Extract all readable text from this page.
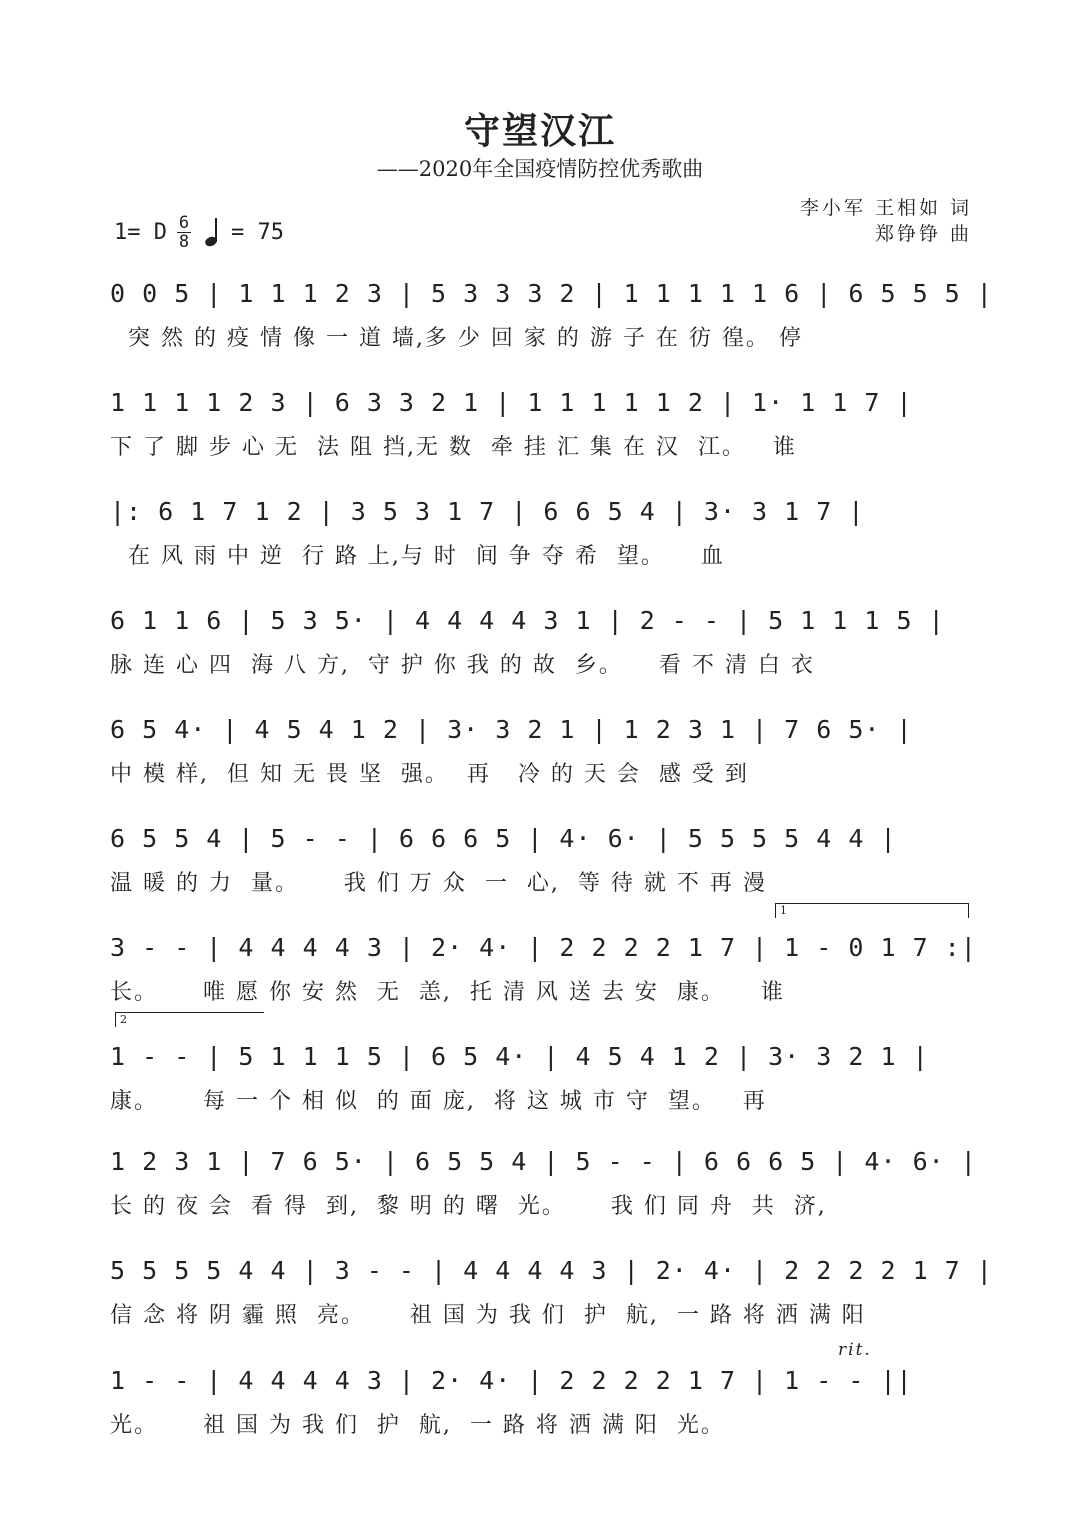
守望汉江
——2020年全国疫情防控优秀歌曲
李小军 王相如 词
郑铮铮 曲
1= D $\frac{6}{8} = 75$
0 0 5 | 1 1 1 2 3 | 5 3 3 3 2 | 1 1 1 1 1 6 | 6 5 5 5 |
突 然 的 疫 情 像 一 道 墙,多 少 回 家 的 游 子 在 彷 徨。 停
1 1 1 1 2 3 | 6 3 3 2 1 | 1 1 1 1 1 2 | 1· 1 1 7 |
下 了 脚 步 心 无  法 阻 挡,无 数  牵 挂 汇 集 在 汉  江。   谁
|: 6 1 7 1 2 | 3 5 3 1 7 | 6 6 5 4 | 3· 3 1 7 |
在 风 雨 中 逆  行 路 上,与 时  间 争 夺 希  望。    血
6 1 1 6 | 5 3 5· | 4 4 4 4 3 1 | 2 - - | 5 1 1 1 5 |
脉 连 心 四  海 八 方,  守 护 你 我 的 故  乡。    看 不 清 白 衣
6 5 4· | 4 5 4 1 2 | 3· 3 2 1 | 1 2 3 1 | 7 6 5· |
中 模 样,  但 知 无 畏 坚  强。  再   冷 的 天 会  感 受 到
6 5 5 4 | 5 - - | 6 6 6 5 | 4· 6· | 5 5 5 5 4 4 |
温 暖 的 力  量。     我 们 万 众  一  心,  等 待 就 不 再 漫
1
3 - - | 4 4 4 4 3 | 2· 4· | 2 2 2 2 1 7 | 1 - 0 1 7 :|
长。     唯 愿 你 安 然  无  恙,  托 清 风 送 去 安  康。    谁
2
1 - - | 5 1 1 1 5 | 6 5 4· | 4 5 4 1 2 | 3· 3 2 1 |
康。     每 一 个 相 似  的 面 庞,  将 这 城 市 守  望。   再
1 2 3 1 | 7 6 5· | 6 5 5 4 | 5 - - | 6 6 6 5 | 4· 6· |
长 的 夜 会  看 得  到,  黎 明 的 曙  光。     我 们 同 舟  共  济,
5 5 5 5 4 4 | 3 - - | 4 4 4 4 3 | 2· 4· | 2 2 2 2 1 7 |
信 念 将 阴 霾 照  亮。     祖 国 为 我 们  护  航,  一 路 将 洒 满 阳
rit.
1 - - | 4 4 4 4 3 | 2· 4· | 2 2 2 2 1 7 | 1 - - ||
光。     祖 国 为 我 们  护  航,  一 路 将 洒 满 阳  光。
